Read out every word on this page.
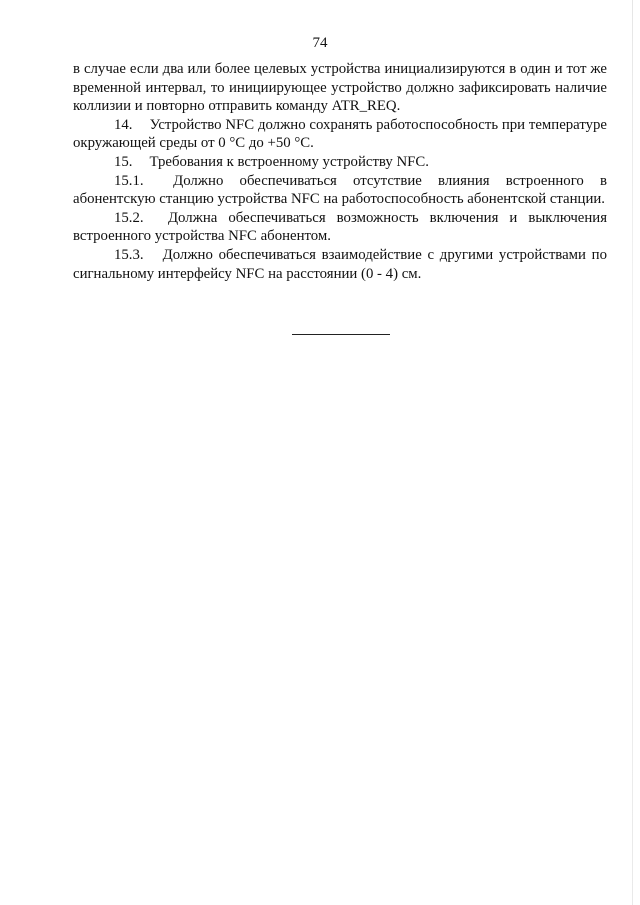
74

в случае если два или более целевых устройства инициализируются в один и тот же временной интервал, то инициирующее устройство должно зафиксировать наличие коллизии и повторно отправить команду ATR_REQ.

14. Устройство NFC должно сохранять работоспособность при температуре окружающей среды от 0 °С до +50 °С.

15. Требования к встроенному устройству NFC.

15.1. Должно обеспечиваться отсутствие влияния встроенного в абонентскую станцию устройства NFC на работоспособность абонентской станции.

15.2. Должна обеспечиваться возможность включения и выключения встроенного устройства NFC абонентом.

15.3. Должно обеспечиваться взаимодействие с другими устройствами по сигнальному интерфейсу NFC на расстоянии (0 - 4) см.
